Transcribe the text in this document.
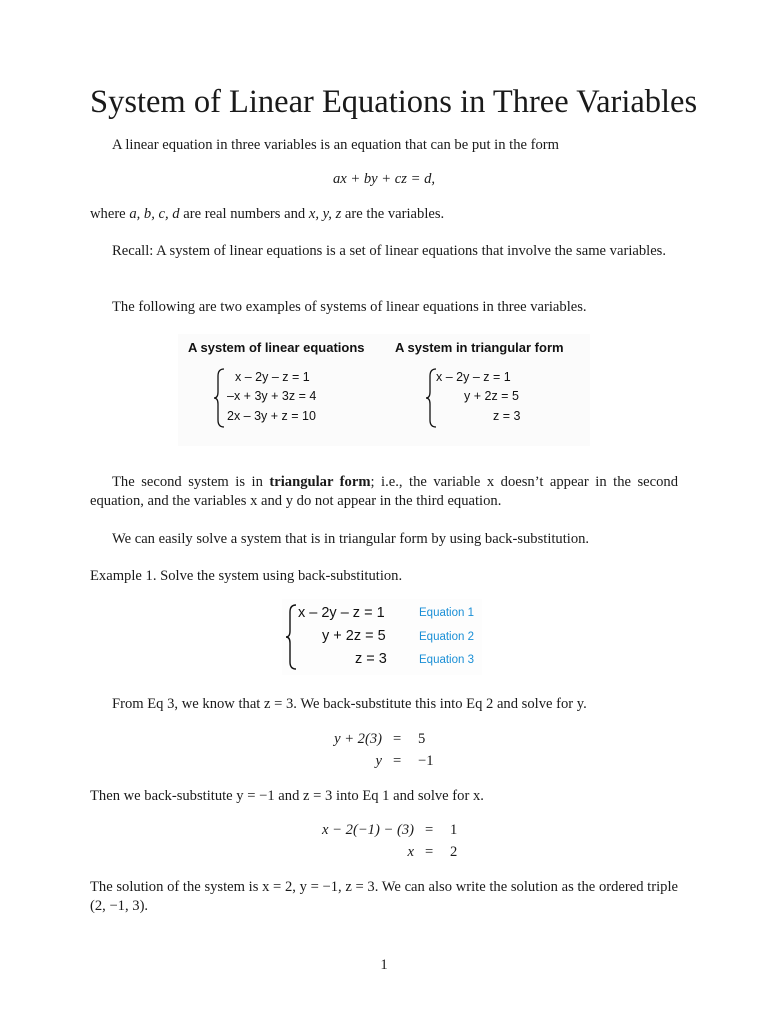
System of Linear Equations in Three Variables

A linear equation in three variables is an equation that can be put in the form

ax + by + cz = d,

where a, b, c, d are real numbers and x, y, z are the variables.

Recall: A system of linear equations is a set of linear equations that involve the same variables.

The following are two examples of systems of linear equations in three variables.

A system of linear equations A system in triangular form
x – 2y – z = 1
–x + 3y + 3z = 4
2x – 3y + z = 10
x – 2y – z = 1
y + 2z = 5
z = 3

The second system is in triangular form; i.e., the variable x doesn’t appear in the second equation, and the variables x and y do not appear in the third equation.

We can easily solve a system that is in triangular form by using back-substitution.

Example 1. Solve the system using back-substitution.

x – 2y – z = 1
y + 2z = 5
z = 3
Equation 1
Equation 2
Equation 3

From Eq 3, we know that z = 3. We back-substitute this into Eq 2 and solve for y.

y + 2(3) = 5
y = −1

Then we back-substitute y = −1 and z = 3 into Eq 1 and solve for x.

x − 2(−1) − (3) = 1
x = 2

The solution of the system is x = 2, y = −1, z = 3. We can also write the solution as the ordered triple (2, −1, 3).

1
